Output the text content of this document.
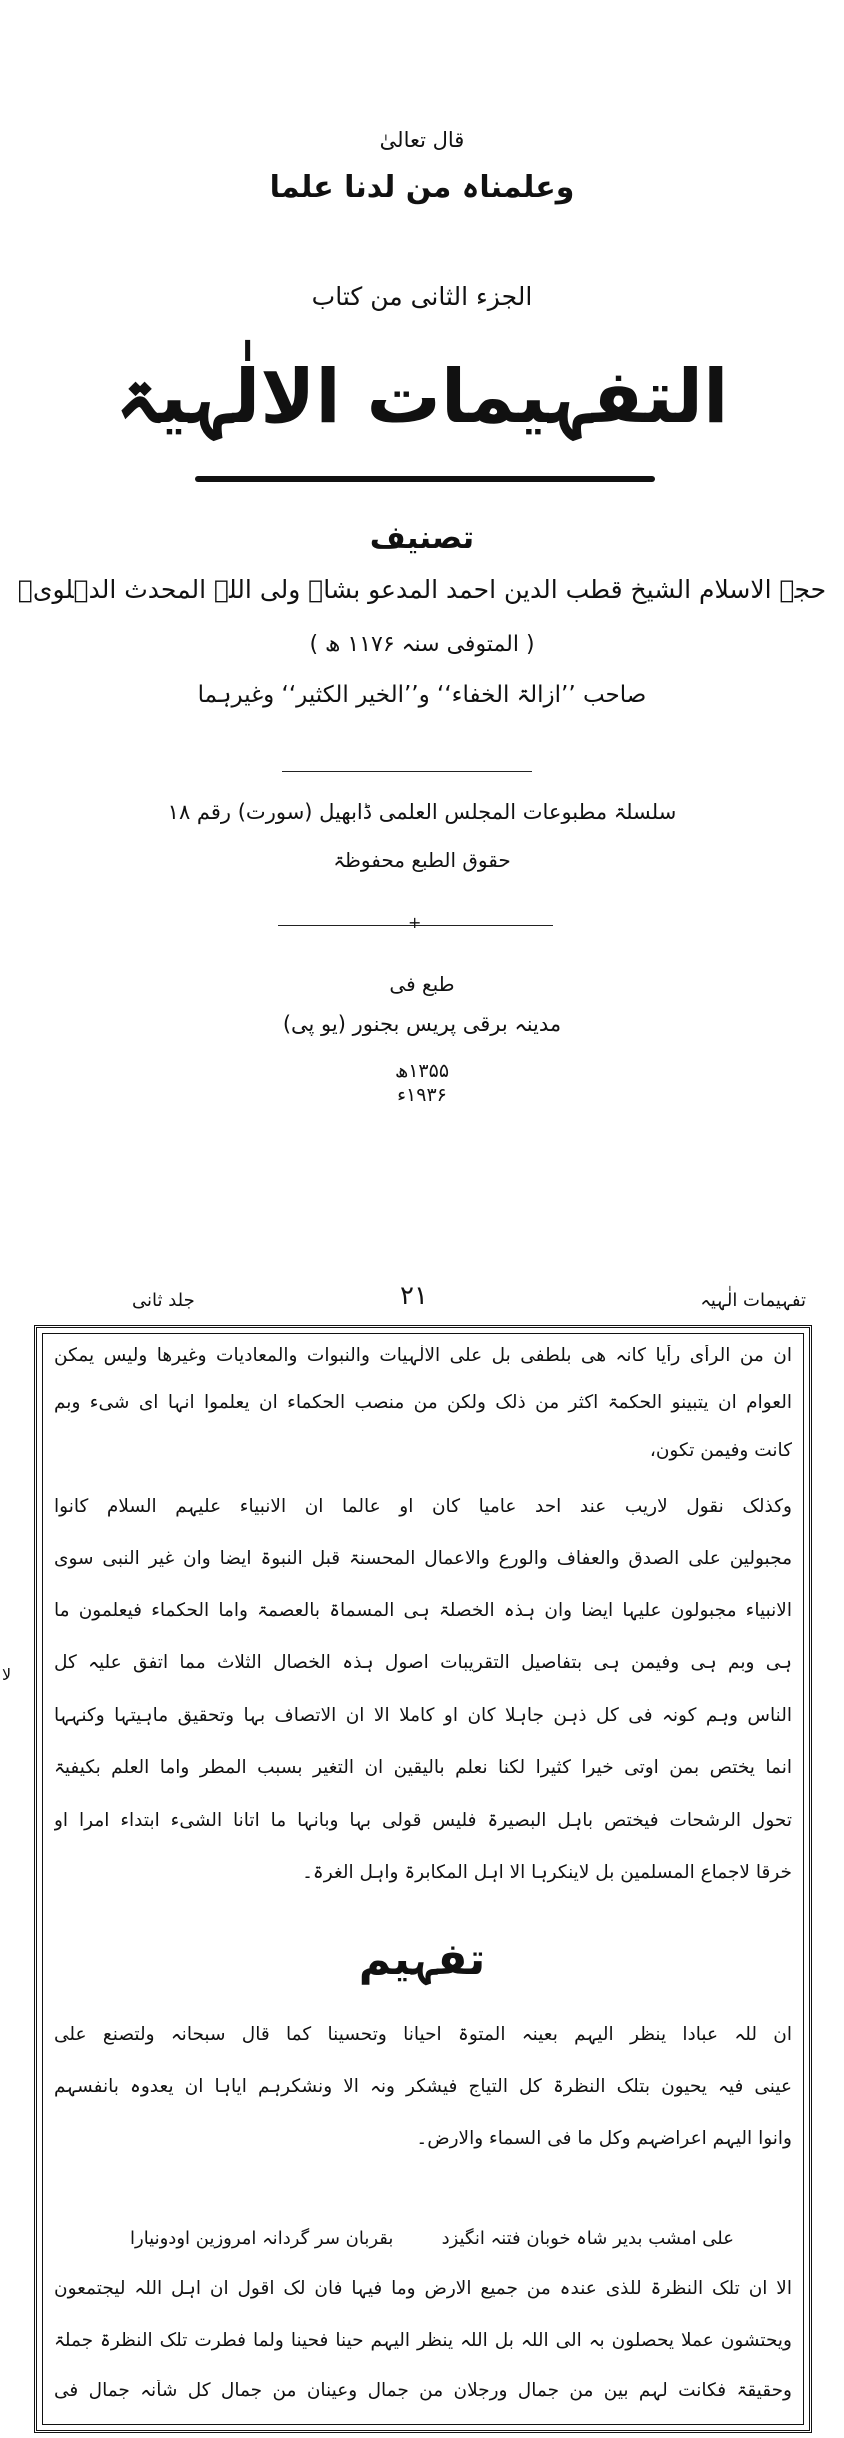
قال تعالیٰ
وعلمناہ من لدنا علما
الجزء الثانی من کتاب
التفہیمات الالٰہیۃ
تصنیف
حجۃ الاسلام الشیخ قطب الدین احمد المدعو بشاہ ولی اللہ المحدث الدہلویؒ
( المتوفی سنہ ۱۱۷۶ ھ )
صاحب ’’ازالۃ الخفاء‘‘ و’’الخیر الکثیر‘‘ وغیرہما
سلسلۃ مطبوعات المجلس العلمی ڈابھیل (سورت) رقم ۱۸
حقوق الطبع محفوظۃ
+
طبع فی
مدینہ برقی پریس بجنور (یو پی)
۱۳۵۵ھ
۱۹۳۶ء
تفہیمات الٰہیہ
۲۱
جلد ثانی
لا
ان من الرأی رأیا کانہ ھی بلطفی بل علی الالٰہیات والنبوات والمعادیات وغیرھا ولیس یمکن
العوام ان یتبینو الحکمۃ اکثر من ذلک ولکن من منصب الحکماء ان یعلموا انہا ای شیء وبم
کانت وفیمن تکون،
وکذلک نقول لاریب عند احد عامیا کان او عالما ان الانبیاء علیہم السلام کانوا
مجبولین علی الصدق والعفاف والورع والاعمال المحسنۃ قبل النبوۃ ایضا وان غیر النبی سوی
الانبیاء مجبولون علیہا ایضا وان ہذہ الخصلۃ ہی المسماۃ بالعصمۃ واما الحکماء فیعلمون ما
ہی وبم ہی وفیمن ہی بتفاصیل التقریبات اصول ہذہ الخصال الثلاث مما اتفق علیہ کل
الناس وہم کونہ فی کل ذہن جاہلا کان او کاملا الا ان الاتصاف بہا وتحقیق ماہیتہا وکنہہا
انما یختص بمن اوتی خیرا کثیرا لکنا نعلم بالیقین ان التغیر بسبب المطر واما العلم بکیفیۃ
تحول الرشحات فیختص باہل البصیرۃ فلیس قولی بہا وبانہا ما اتانا الشیء ابتداء امرا او
خرقا لاجماع المسلمین بل لاینکرہا الا اہل المکابرۃ واہل الغرۃ۔
تفہیم
ان للہ عبادا ینظر الیہم بعینہ المتوۃ احیانا وتحسینا کما قال سبحانہ ولتصنع علی
عینی فیہ یحیون بتلک النظرۃ کل التیاج فیشکر ونہ الا ونشکرہم ایاہا ان یعدوہ بانفسہم
وانوا الیہم اعراضہم وکل ما فی السماء والارض۔
علی امشب بدیر شاہ خوبان فتنہ انگیزد
بقربان سر گردانہ امروزین اودونیارا
الا ان تلک النظرۃ للذی عندہ من جمیع الارض وما فیہا فان لک اقول ان اہل اللہ لیجتمعون
ویحتشون عملا یحصلون بہ الی اللہ بل اللہ ینظر الیہم حینا فحینا ولما فطرت تلک النظرۃ جملۃ
وحقیقۃ فکانت لہم بین من جمال ورجلان من جمال وعینان من جمال کل شأنہ جمال فی
